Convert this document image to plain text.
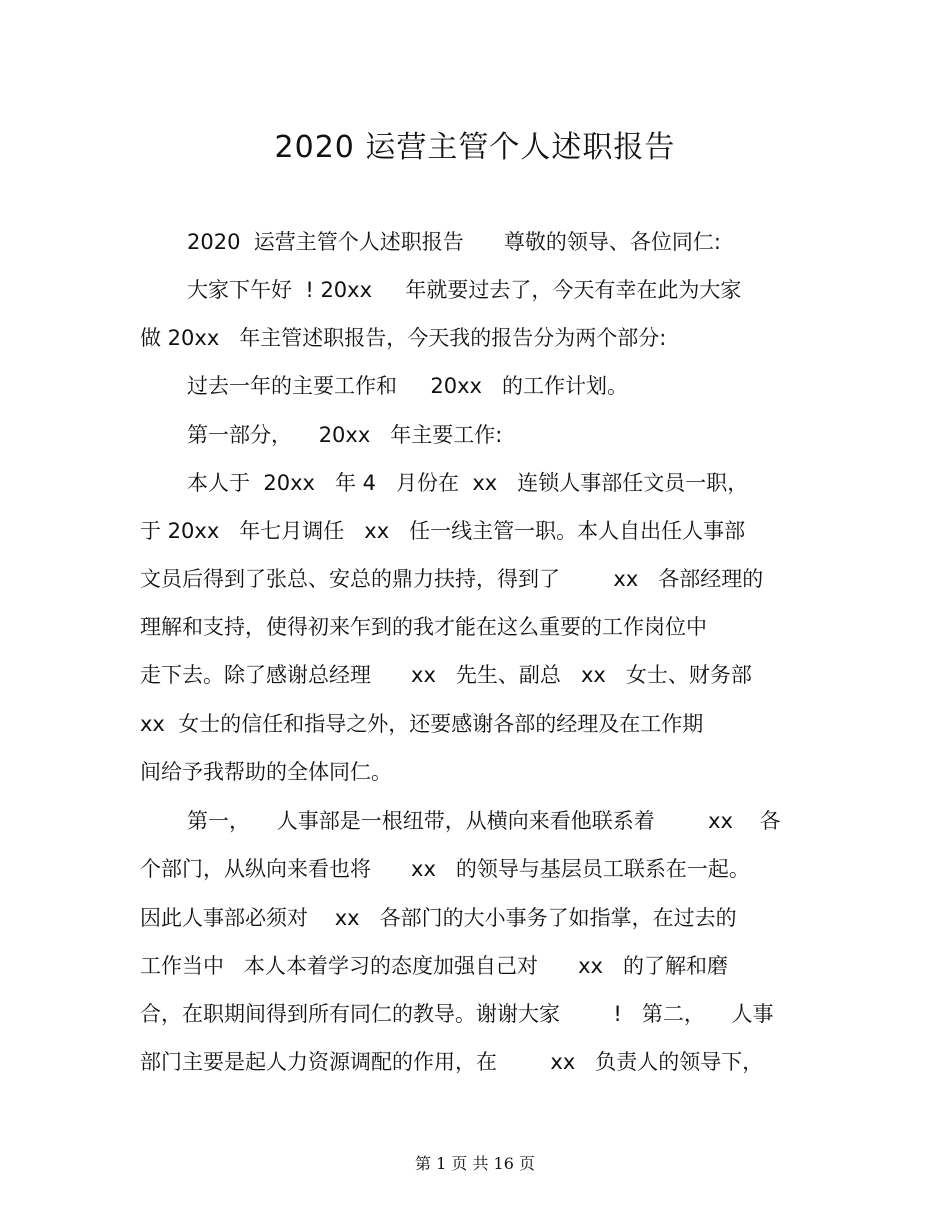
2020 运营主管个人述职报告
2020  运营主管个人述职报告      尊敬的领导、各位同仁:
大家下午好  ! 20xx     年就要过去了，今天有幸在此为大家
做 20xx   年主管述职报告，今天我的报告分为两个部分:
过去一年的主要工作和     20xx   的工作计划。
第一部分，    20xx   年主要工作:
本人于  20xx   年 4   月份在  xx   连锁人事部任文员一职，
于 20xx   年七月调任   xx   任一线主管一职。本人自出任人事部
文员后得到了张总、安总的鼎力扶持，得到了        xx   各部经理的
理解和支持，使得初来乍到的我才能在这么重要的工作岗位中
走下去。除了感谢总经理      xx   先生、副总   xx   女士、财务部
xx  女士的信任和指导之外，还要感谢各部的经理及在工作期
间给予我帮助的全体同仁。
第一，    人事部是一根纽带，从横向来看他联系着        xx    各
个部门，从纵向来看也将      xx   的领导与基层员工联系在一起。
因此人事部必须对    xx   各部门的大小事务了如指掌，在过去的
工作当中   本人本着学习的态度加强自己对      xx   的了解和磨
合，在职期间得到所有同仁的教导。谢谢大家        !   第二，    人事
部门主要是起人力资源调配的作用，在        xx   负责人的领导下，
第 1 页 共 16 页
